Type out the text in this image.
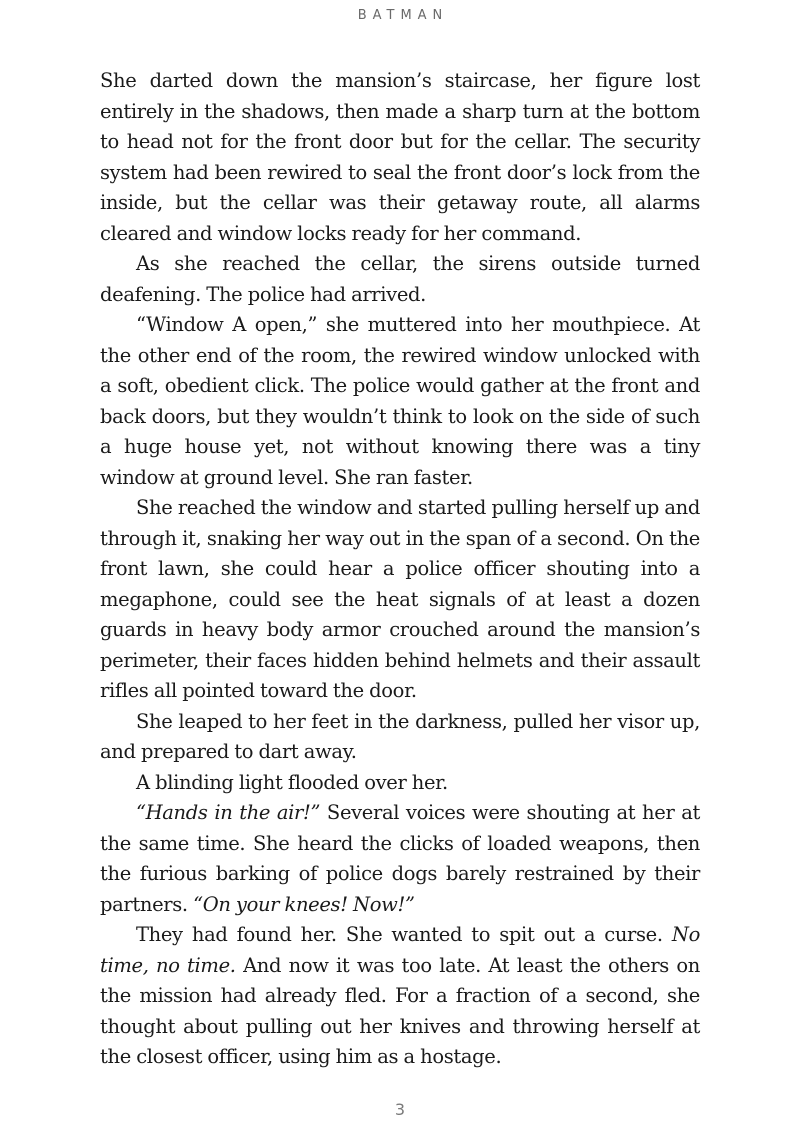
BATMAN

She darted down the mansion’s staircase, her figure lost entirely in the shadows, then made a sharp turn at the bottom to head not for the front door but for the cellar. The security system had been rewired to seal the front door’s lock from the inside, but the cellar was their getaway route, all alarms cleared and window locks ready for her command.

As she reached the cellar, the sirens outside turned deafening. The police had arrived.

“Window A open,” she muttered into her mouthpiece. At the other end of the room, the rewired window unlocked with a soft, obedient click. The police would gather at the front and back doors, but they wouldn’t think to look on the side of such a huge house yet, not without knowing there was a tiny window at ground level. She ran faster.

She reached the window and started pulling herself up and through it, snaking her way out in the span of a second. On the front lawn, she could hear a police officer shouting into a megaphone, could see the heat signals of at least a dozen guards in heavy body armor crouched around the mansion’s perimeter, their faces hidden behind helmets and their assault rifles all pointed toward the door.

She leaped to her feet in the darkness, pulled her visor up, and prepared to dart away.

A blinding light flooded over her.

“Hands in the air!” Several voices were shouting at her at the same time. She heard the clicks of loaded weapons, then the furious barking of police dogs barely restrained by their partners. “On your knees! Now!”

They had found her. She wanted to spit out a curse. No time, no time. And now it was too late. At least the others on the mission had already fled. For a fraction of a second, she thought about pulling out her knives and throwing herself at the closest officer, using him as a hostage.

3
